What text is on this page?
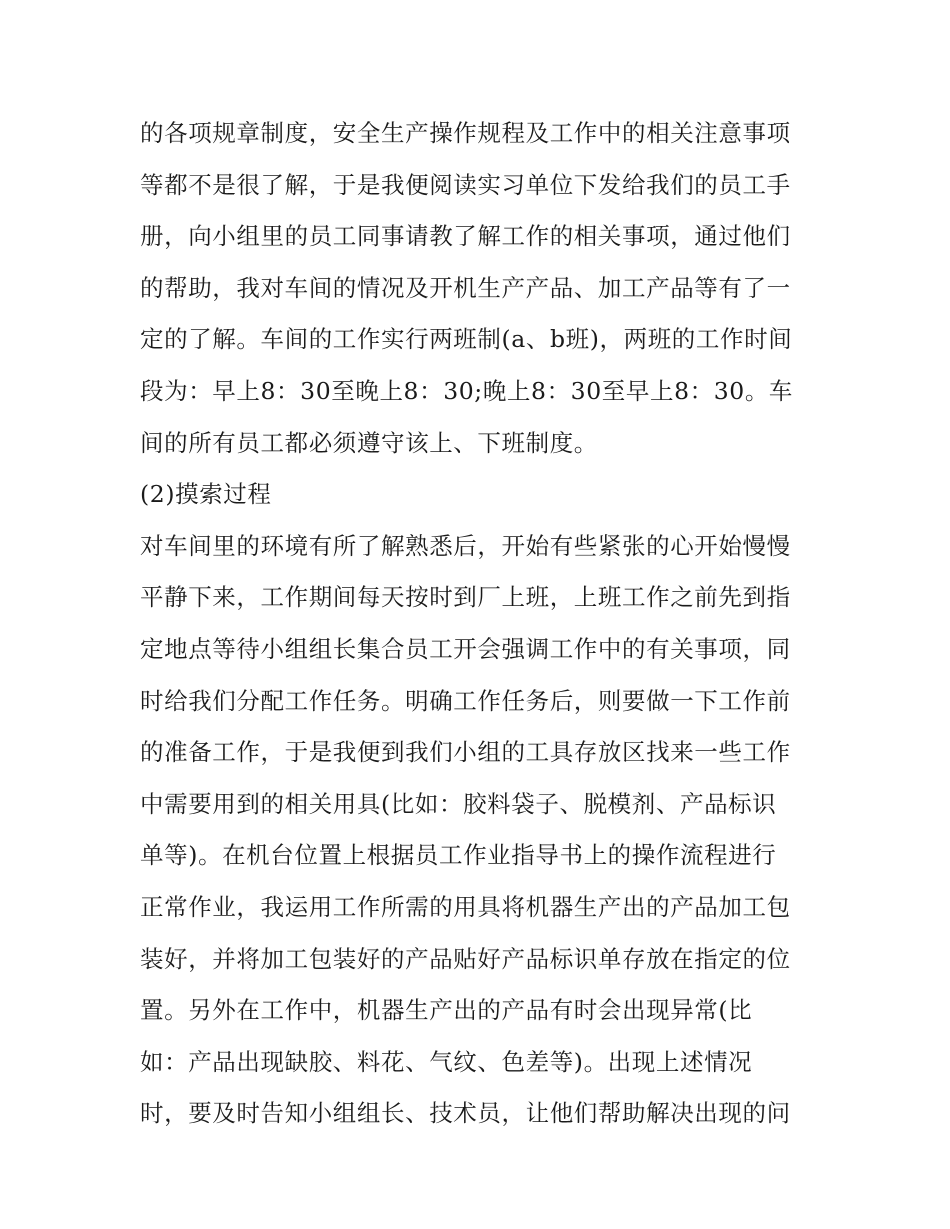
的各项规章制度，安全生产操作规程及工作中的相关注意事项
等都不是很了解，于是我便阅读实习单位下发给我们的员工手
册，向小组里的员工同事请教了解工作的相关事项，通过他们
的帮助，我对车间的情况及开机生产产品、加工产品等有了一
定的了解。车间的工作实行两班制(a、b班)，两班的工作时间
段为：早上8：30至晚上8：30;晚上8：30至早上8：30。车
间的所有员工都必须遵守该上、下班制度。
(2)摸索过程
对车间里的环境有所了解熟悉后，开始有些紧张的心开始慢慢
平静下来，工作期间每天按时到厂上班，上班工作之前先到指
定地点等待小组组长集合员工开会强调工作中的有关事项，同
时给我们分配工作任务。明确工作任务后，则要做一下工作前
的准备工作，于是我便到我们小组的工具存放区找来一些工作
中需要用到的相关用具(比如：胶料袋子、脱模剂、产品标识
单等)。在机台位置上根据员工作业指导书上的操作流程进行
正常作业，我运用工作所需的用具将机器生产出的产品加工包
装好，并将加工包装好的产品贴好产品标识单存放在指定的位
置。另外在工作中，机器生产出的产品有时会出现异常(比
如：产品出现缺胶、料花、气纹、色差等)。出现上述情况
时，要及时告知小组组长、技术员，让他们帮助解决出现的问
